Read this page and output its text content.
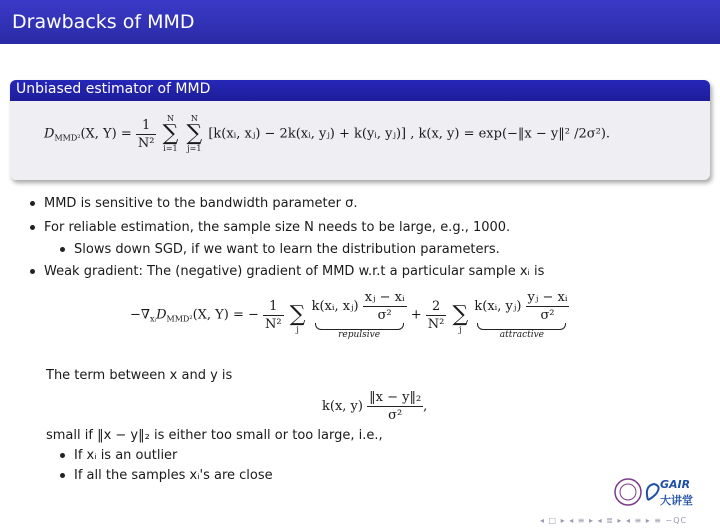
Drawbacks of MMD
Unbiased estimator of MMD
$D_{MMD^2}(X$, $Y) = \frac{1}{\text{N²}}$
	N
∑
i=1

N
∑
j=1
[k(xᵢ, xⱼ) − 2k(xᵢ, yⱼ) + k(yᵢ, yⱼ)] , k(x, y) = exp(−‖x − y‖² /2σ²).
MMD is sensitive to the bandwidth parameter σ.
For reliable estimation, the sample size N needs to be large, e.g., 1000.
Slows down SGD, if we want to learn the distribution parameters.
Weak gradient: The (negative) gradient of MMD w.r.t a particular sample xᵢ is
$-\nabla_{xᵢ}D_{MMD^2}(X$, Y) = − $\frac{1}{\text{N²}}$

∑
j
k(xᵢ, xⱼ) $\frac{\text{xⱼ − xᵢ}}{\text{σ²}}$
repulsive
+ $\frac{2}{\text{N²}}$

∑
j
k(xᵢ, yⱼ) $\frac{\text{yⱼ − xᵢ}}{\text{σ²}}$
attractive
The term between x and y is
k(x, $y) \frac{\text{‖x − y‖₂}}{\text{σ²}}$ ,
small if ‖x − y‖₂ is either too small or too large, i.e.,
If xᵢ is an outlier
If all the samples xᵢ's are close
GAIR
大讲堂
◂ □ ▸ ◂ ≡ ▸ ◂ ≣ ▸ ◂ ≡ ▸ ≡ ∽QC
